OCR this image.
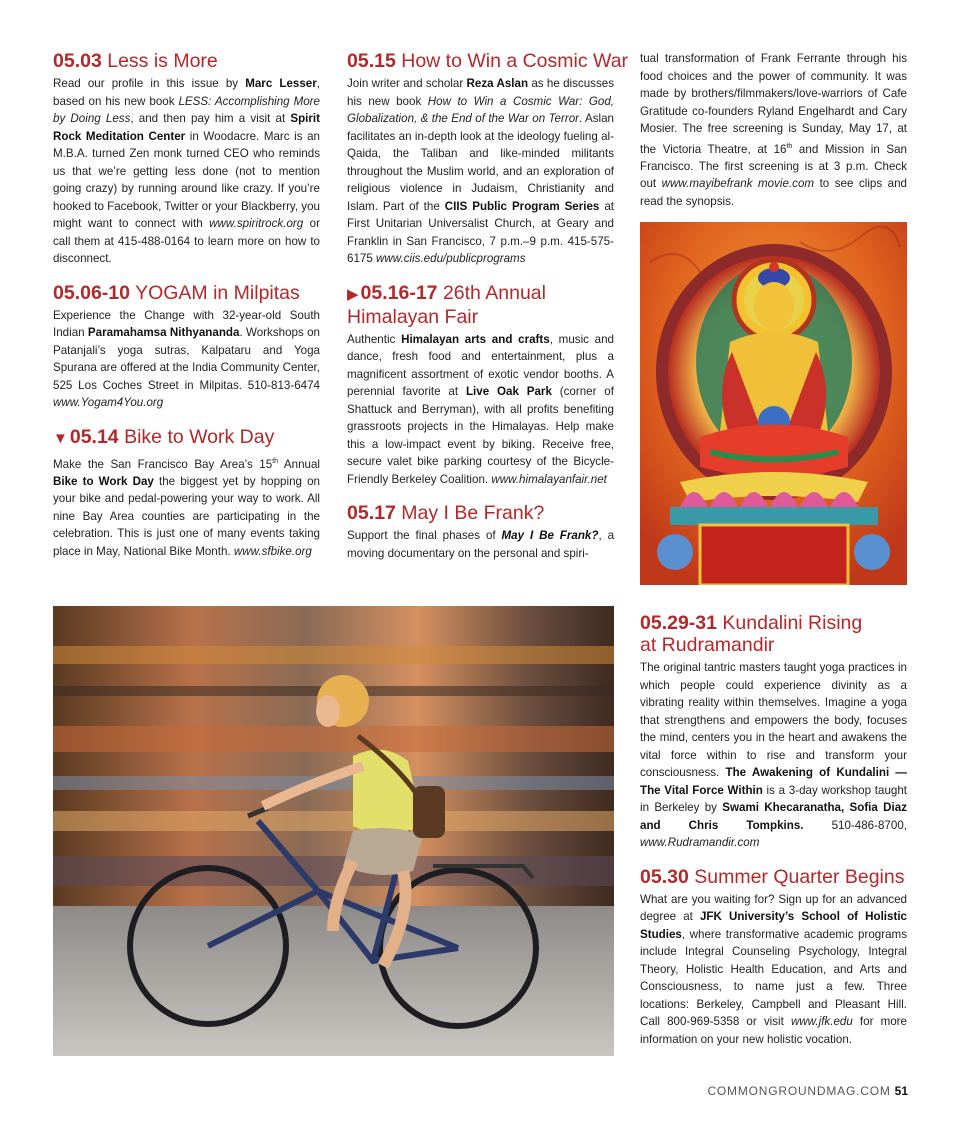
05.03 Less is More

Read our profile in this issue by Marc Lesser, based on his new book LESS: Accomplishing More by Doing Less, and then pay him a visit at Spirit Rock Meditation Center in Woodacre. Marc is an M.B.A. turned Zen monk turned CEO who reminds us that we’re getting less done (not to mention going crazy) by running around like crazy. If you’re hooked to Facebook, Twitter or your Blackberry, you might want to connect with www.spiritrock.org or call them at 415-488-0164 to learn more on how to disconnect.

05.06-10 YOGAM in Milpitas

Experience the Change with 32-year-old South Indian Paramahamsa Nithyananda. Workshops on Patanjali’s yoga sutras, Kalpataru and Yoga Spurana are offered at the India Community Center, 525 Los Coches Street in Milpitas. 510-813-6474 www.Yogam4You.org

▼ 05.14 Bike to Work Day

Make the San Francisco Bay Area’s 15th Annual Bike to Work Day the biggest yet by hopping on your bike and pedal-powering your way to work. All nine Bay Area counties are participating in the celebration. This is just one of many events taking place in May, National Bike Month. www.sfbike.org

05.15 How to Win a Cosmic War

Join writer and scholar Reza Aslan as he discusses his new book How to Win a Cosmic War: God, Globalization, & the End of the War on Terror. Aslan facilitates an in-depth look at the ideology fueling al-Qaida, the Taliban and like-minded militants throughout the Muslim world, and an exploration of religious violence in Judaism, Christianity and Islam. Part of the CIIS Public Program Series at First Unitarian Universalist Church, at Geary and Franklin in San Francisco, 7 p.m.–9 p.m. 415-575-6175 www.ciis.edu/publicprograms

▶ 05.16-17 26th Annual
Himalayan Fair

Authentic Himalayan arts and crafts, music and dance, fresh food and entertainment, plus a magnificent assortment of exotic vendor booths. A perennial favorite at Live Oak Park (corner of Shattuck and Berryman), with all profits benefiting grassroots projects in the Himalayas. Help make this a low-impact event by biking. Receive free, secure valet bike parking courtesy of the Bicycle-Friendly Berkeley Coalition. www.himalayanfair.net

05.17 May I Be Frank?

Support the final phases of May I Be Frank?, a moving documentary on the personal and spiri-

tual transformation of Frank Ferrante through his food choices and the power of community. It was made by brothers/filmmakers/love-warriors of Cafe Gratitude co-founders Ryland Engelhardt and Cary Mosier. The free screening is Sunday, May 17, at the Victoria Theatre, at 16th and Mission in San Francisco. The first screening is at 3 p.m. Check out www.mayibefrank movie.com to see clips and read the synopsis.

05.29-31 Kundalini Rising
at Rudramandir

The original tantric masters taught yoga practices in which people could experience divinity as a vibrating reality within themselves. Imagine a yoga that strengthens and empowers the body, focuses the mind, centers you in the heart and awakens the vital force within to rise and transform your consciousness. The Awakening of Kundalini — The Vital Force Within is a 3-day workshop taught in Berkeley by Swami Khecaranatha, Sofia Diaz and Chris Tompkins. 510-486-8700, www.Rudramandir.com

05.30 Summer Quarter Begins

What are you waiting for? Sign up for an advanced degree at JFK University’s School of Holistic Studies, where transformative academic programs include Integral Counseling Psychology, Integral Theory, Holistic Health Education, and Arts and Consciousness, to name just a few. Three locations: Berkeley, Campbell and Pleasant Hill. Call 800-969-5358 or visit www.jfk.edu for more information on your new holistic vocation.

COMMONGROUNDMAG.COM 51
